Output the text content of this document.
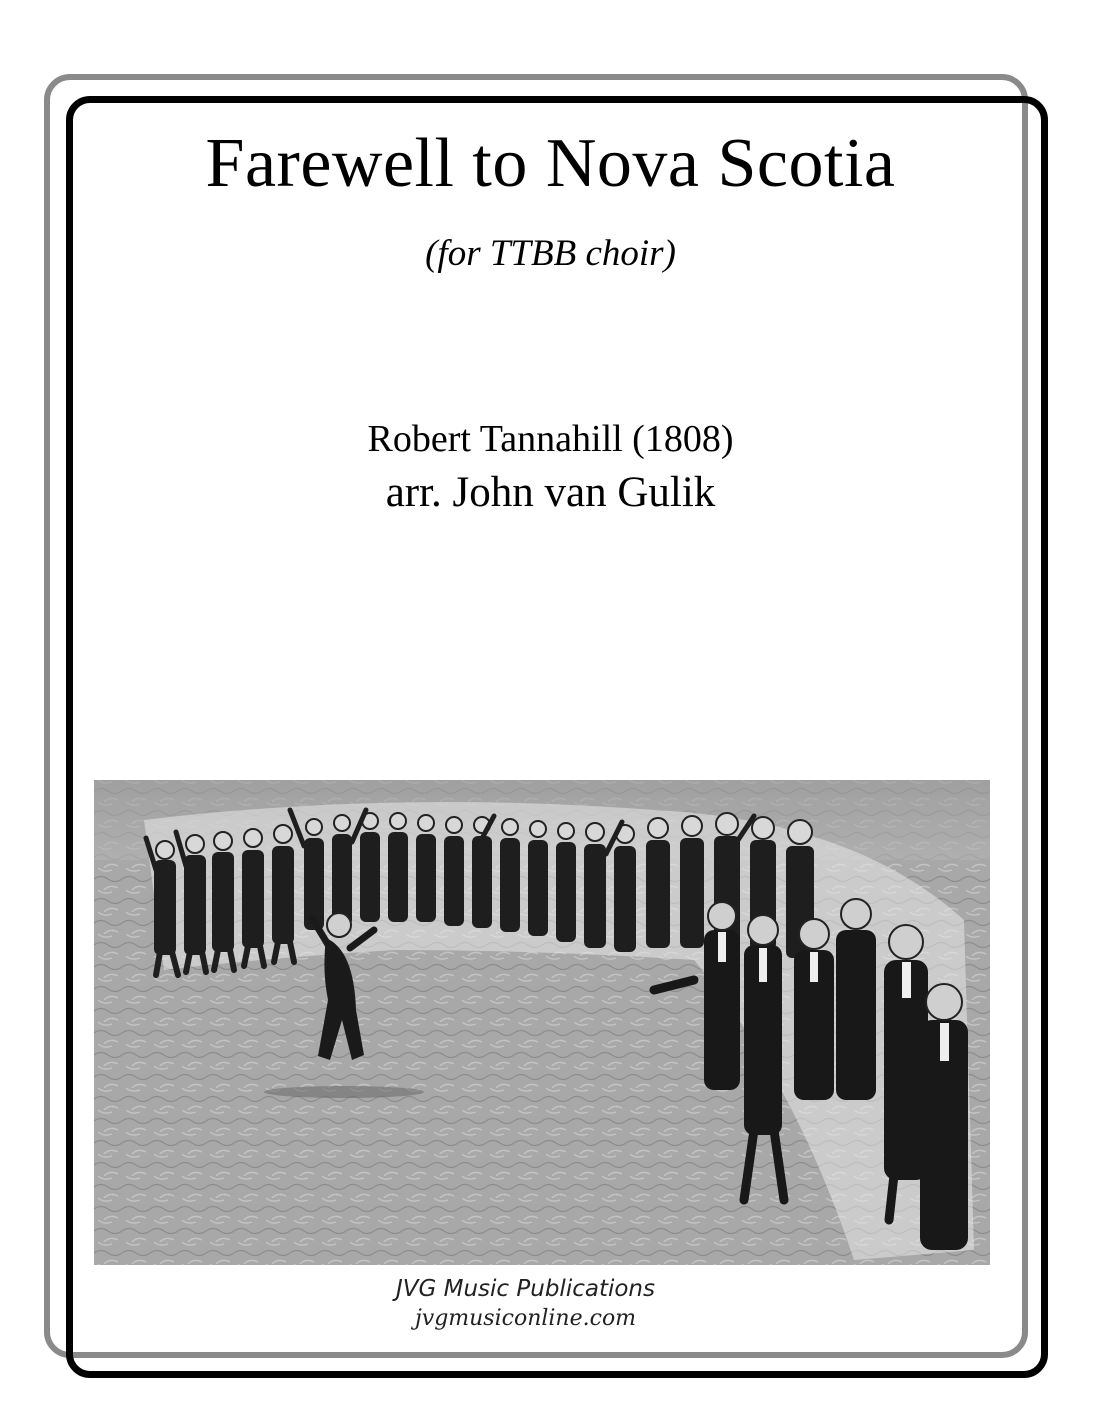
Farewell to Nova Scotia
(for TTBB choir)
Robert Tannahill (1808)
arr. John van Gulik
JVG Music Publications
jvgmusiconline.com
